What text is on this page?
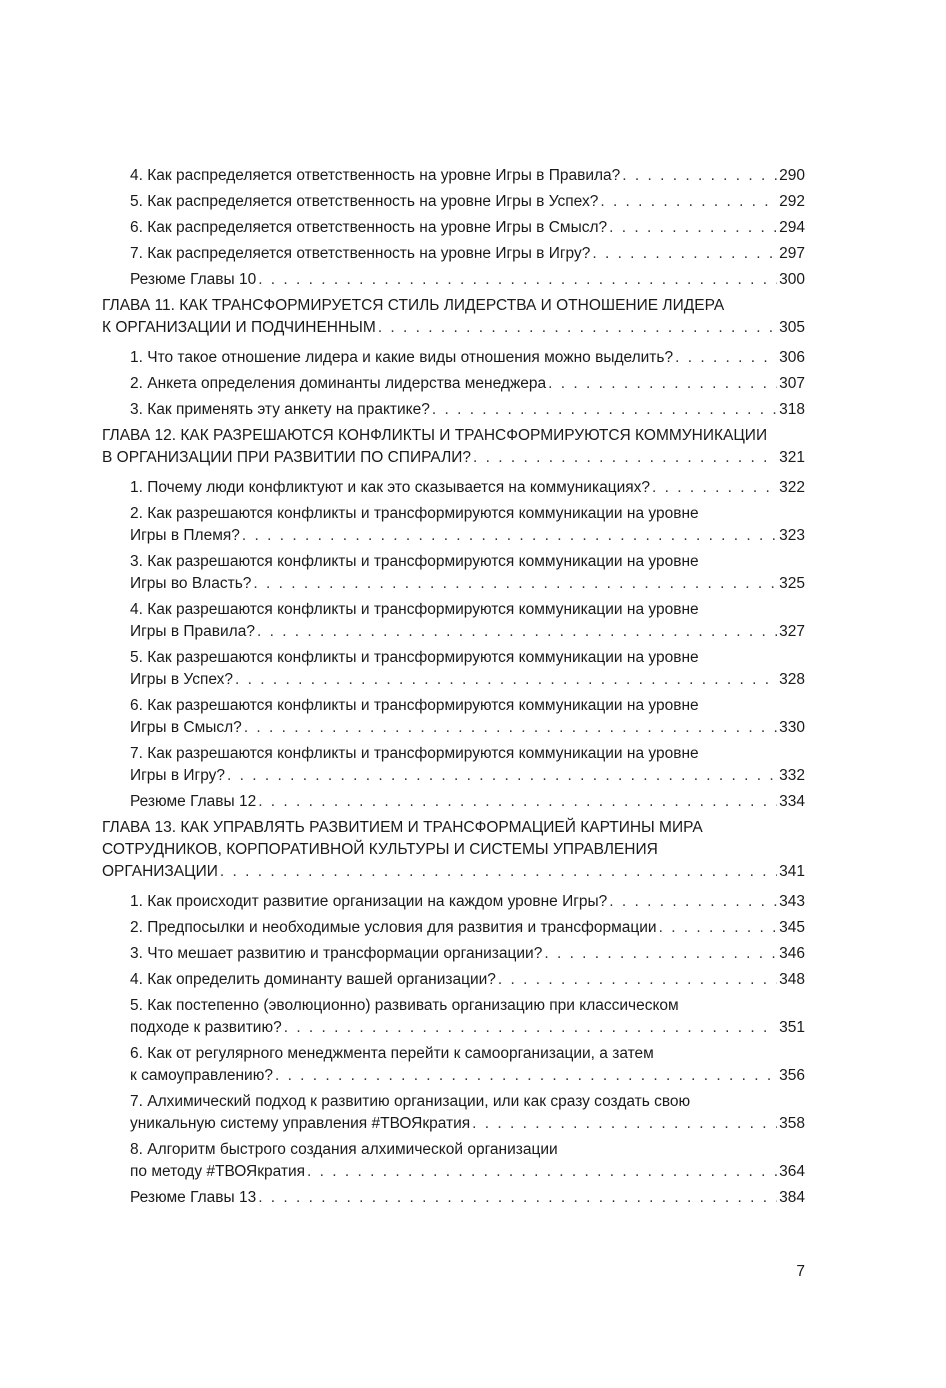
4. Как распределяется ответственность на уровне Игры в Правила? . . .	290
5. Как распределяется ответственность на уровне Игры в Успех? . . .	292
6. Как распределяется ответственность на уровне Игры в Смысл? . . .	294
7. Как распределяется ответственность на уровне Игры в Игру? . . .	297
Резюме Главы 10 . . .	300
ГЛАВА 11. КАК ТРАНСФОРМИРУЕТСЯ СТИЛЬ ЛИДЕРСТВА И ОТНОШЕНИЕ ЛИДЕРА
К ОРГАНИЗАЦИИ И ПОДЧИНЕННЫМ . . .	305
1. Что такое отношение лидера и какие виды отношения можно выделить? . . .	306
2. Анкета определения доминанты лидерства менеджера . . .	307
3. Как применять эту анкету на практике? . . .	318
ГЛАВА 12. КАК РАЗРЕШАЮТСЯ КОНФЛИКТЫ И ТРАНСФОРМИРУЮТСЯ КОММУНИКАЦИИ
В ОРГАНИЗАЦИИ ПРИ РАЗВИТИИ ПО СПИРАЛИ? . . .	321
1. Почему люди конфликтуют и как это сказывается на коммуникациях? . . .	322
2. Как разрешаются конфликты и трансформируются коммуникации на уровне
Игры в Племя? . . .	323
3. Как разрешаются конфликты и трансформируются коммуникации на уровне
Игры во Власть? . . .	325
4. Как разрешаются конфликты и трансформируются коммуникации на уровне
Игры в Правила? . . .	327
5. Как разрешаются конфликты и трансформируются коммуникации на уровне
Игры в Успех? . . .	328
6. Как разрешаются конфликты и трансформируются коммуникации на уровне
Игры в Смысл? . . .	330
7. Как разрешаются конфликты и трансформируются коммуникации на уровне
Игры в Игру? . . .	332
Резюме Главы 12 . . .	334
ГЛАВА 13. КАК УПРАВЛЯТЬ РАЗВИТИЕМ И ТРАНСФОРМАЦИЕЙ КАРТИНЫ МИРА
СОТРУДНИКОВ, КОРПОРАТИВНОЙ КУЛЬТУРЫ И СИСТЕМЫ УПРАВЛЕНИЯ
ОРГАНИЗАЦИИ . . .	341
1. Как происходит развитие организации на каждом уровне Игры? . . .	343
2. Предпосылки и необходимые условия для развития и трансформации . . .	345
3. Что мешает развитию и трансформации организации? . . .	346
4. Как определить доминанту вашей организации? . . .	348
5. Как постепенно (эволюционно) развивать организацию при классическом
подходе к развитию? . . .	351
6. Как от регулярного менеджмента перейти к самоорганизации, а затем
к самоуправлению? . . .	356
7. Алхимический подход к развитию организации, или как сразу создать свою
уникальную систему управления #ТВОЯкратия . . .	358
8. Алгоритм быстрого создания алхимической организации
по методу #ТВОЯкратия . . .	364
Резюме Главы 13 . . .	384
7
